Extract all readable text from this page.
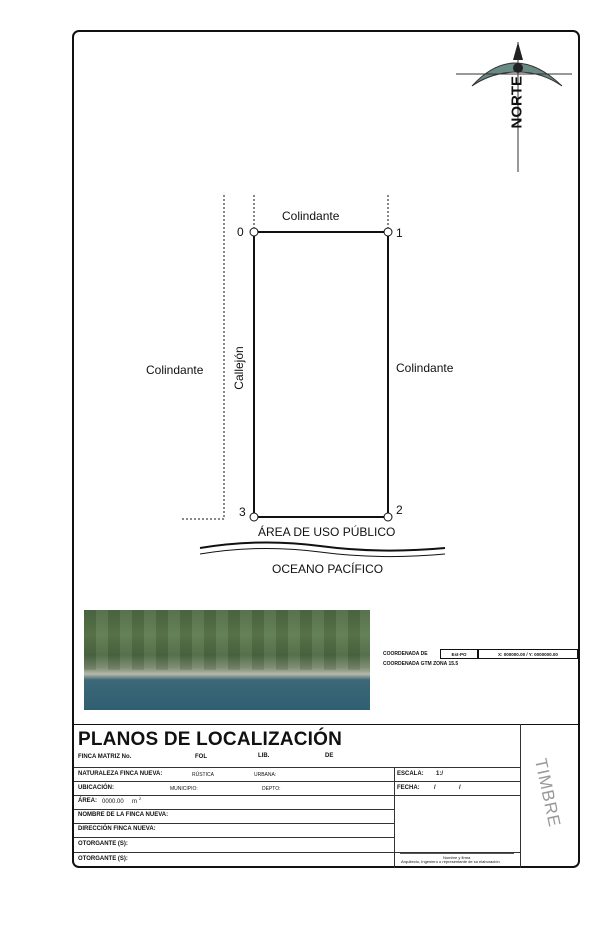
NORTE
Colindante
Colindante	Colindante
Callejón
ÁREA DE USO PÚBLICO
OCEANO PACÍFICO
0	1
2
3
COORDENADA DE	Est-PO	X: 000000.00 / Y: 0000000.00
COORDENADA GTM ZONA 15.5
PLANOS DE LOCALIZACIÓN
FINCA MATRIZ No.	FOL	LIB.	DE
NATURALEZA FINCA NUEVA:	RÚSTICA	URBANA:	ESCALA: 1:/
UBICACIÓN:	MUNICIPIO:	DEPTO:	FECHA: /	/
ÁREA: 0000.00 m
2
NOMBRE DE LA FINCA NUEVA:
DIRECCIÓN FINCA NUEVA:
OTORGANTE (S):
OTORGANTE (S):	Nombre y firma
Arquitecto, Ingeniero o representante de su elaboración
TIMBRE
